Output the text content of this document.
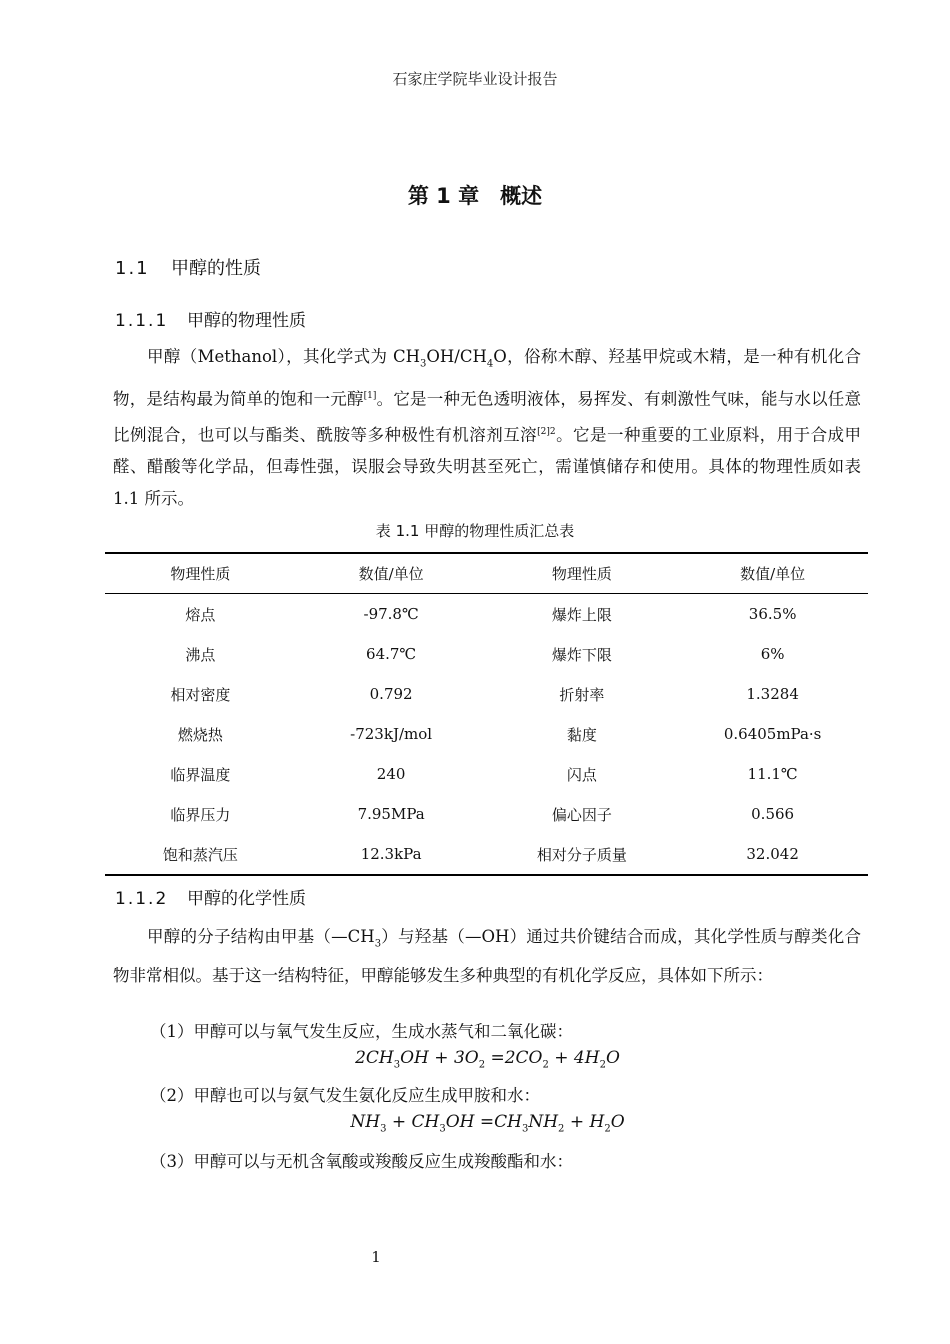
石家庄学院毕业设计报告
第 1 章　概述
1.1 甲醇的性质
1.1.1 甲醇的物理性质
甲醇（Methanol），其化学式为 $CH_3OH/CH_4O$，俗称木醇、羟基甲烷或木精，是一种有机化合物，是结构最为简单的饱和一元醇[1]。它是一种无色透明液体，易挥发、有刺激性气味，能与水以任意比例混合，也可以与酯类、酰胺等多种极性有机溶剂互溶$^{[2]2}$。它是一种重要的工业原料，用于合成甲醛、醋酸等化学品，但毒性强，误服会导致失明甚至死亡，需谨慎储存和使用。具体的物理性质如表 1.1 所示。
表 1.1 甲醇的物理性质汇总表
物理性质	数值/单位	物理性质	数值/单位
熔点	-97.8℃	爆炸上限	36.5%
沸点	64.7℃	爆炸下限	6%
相对密度	0.792	折射率	1.3284
燃烧热	-723kJ/mol	黏度	0.6405mPa·s
临界温度	240	闪点	11.1℃
临界压力	7.95MPa	偏心因子	0.566
饱和蒸汽压	12.3kPa	相对分子质量	32.042
1.1.2 甲醇的化学性质
甲醇的分子结构由甲基$(—CH_3)$与羟基（—OH）通过共价键结合而成，其化学性质与醇类化合物非常相似。基于这一结构特征，甲醇能够发生多种典型的有机化学反应，具体如下所示：
（1）甲醇可以与氧气发生反应，生成水蒸气和二氧化碳：
$2CH_3OH + 3O_2 =2CO_2 + 4H_2O$
（2）甲醇也可以与氨气发生氨化反应生成甲胺和水：
$NH_3 + CH_3OH =CH_3NH_2 + H_2O$
（3）甲醇可以与无机含氧酸或羧酸反应生成羧酸酯和水：
1
